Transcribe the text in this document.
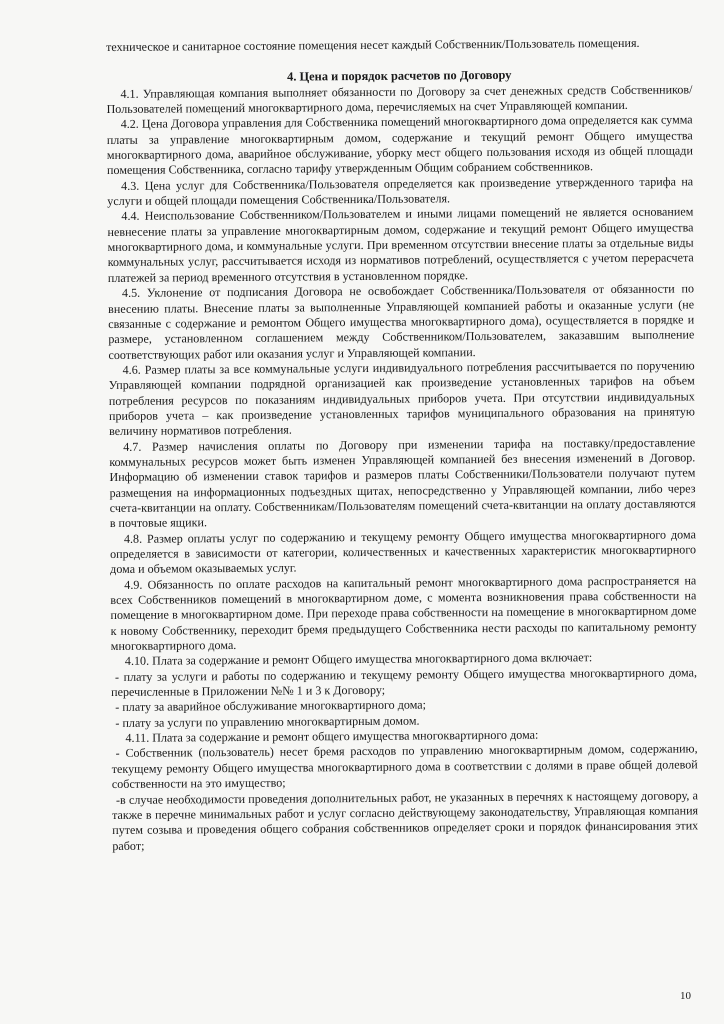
техническое и санитарное состояние помещения несет каждый Собственник/Пользователь помещения.

4. Цена и порядок расчетов по Договору

4.1. Управляющая компания выполняет обязанности по Договору за счет денежных средств Собственников/Пользователей помещений многоквартирного дома, перечисляемых на счет Управляющей компании.

4.2. Цена Договора управления для Собственника помещений многоквартирного дома определяется как сумма платы за управление многоквартирным домом, содержание и текущий ремонт Общего имущества многоквартирного дома, аварийное обслуживание, уборку мест общего пользования исходя из общей площади помещения Собственника, согласно тарифу утвержденным Общим собранием собственников.

4.3. Цена услуг для Собственника/Пользователя определяется как произведение утвержденного тарифа на услуги и общей площади помещения Собственника/Пользователя.

4.4. Неиспользование Собственником/Пользователем и иными лицами помещений не является основанием невнесение платы за управление многоквартирным домом, содержание и текущий ремонт Общего имущества многоквартирного дома, и коммунальные услуги. При временном отсутствии внесение платы за отдельные виды коммунальных услуг, рассчитывается исходя из нормативов потреблений, осуществляется с учетом перерасчета платежей за период временного отсутствия в установленном порядке.

4.5. Уклонение от подписания Договора не освобождает Собственника/Пользователя от обязанности по внесению платы. Внесение платы за выполненные Управляющей компанией работы и оказанные услуги (не связанные с содержание и ремонтом Общего имущества многоквартирного дома), осуществляется в порядке и размере, установленном соглашением между Собственником/Пользователем, заказавшим выполнение соответствующих работ или оказания услуг и Управляющей компании.

4.6. Размер платы за все коммунальные услуги индивидуального потребления рассчитывается по поручению Управляющей компании подрядной организацией как произведение установленных тарифов на объем потребления ресурсов по показаниям индивидуальных приборов учета. При отсутствии индивидуальных приборов учета – как произведение установленных тарифов муниципального образования на принятую величину нормативов потребления.

4.7. Размер начисления оплаты по Договору при изменении тарифа на поставку/предоставление коммунальных ресурсов может быть изменен Управляющей компанией без внесения изменений в Договор. Информацию об изменении ставок тарифов и размеров платы Собственники/Пользователи получают путем размещения на информационных подъездных щитах, непосредственно у Управляющей компании, либо через счета-квитанции на оплату. Собственникам/Пользователям помещений счета-квитанции на оплату доставляются в почтовые ящики.

4.8. Размер оплаты услуг по содержанию и текущему ремонту Общего имущества многоквартирного дома определяется в зависимости от категории, количественных и качественных характеристик многоквартирного дома и объемом оказываемых услуг.

4.9. Обязанность по оплате расходов на капитальный ремонт многоквартирного дома распространяется на всех Собственников помещений в многоквартирном доме, с момента возникновения права собственности на помещение в многоквартирном доме. При переходе права собственности на помещение в многоквартирном доме к новому Собственнику, переходит бремя предыдущего Собственника нести расходы по капитальному ремонту многоквартирного дома.

4.10. Плата за содержание и ремонт Общего имущества многоквартирного дома включает:

- плату за услуги и работы по содержанию и текущему ремонту Общего имущества многоквартирного дома, перечисленные в Приложении №№ 1 и 3 к Договору;

- плату за аварийное обслуживание многоквартирного дома;

- плату за услуги по управлению многоквартирным домом.

4.11. Плата за содержание и ремонт общего имущества многоквартирного дома:

- Собственник (пользователь) несет бремя расходов по управлению многоквартирным домом, содержанию, текущему ремонту Общего имущества многоквартирного дома в соответствии с долями в праве общей долевой собственности на это имущество;

-в случае необходимости проведения дополнительных работ, не указанных в перечнях к настоящему договору, а также в перечне минимальных работ и услуг согласно действующему законодательству, Управляющая компания путем созыва и проведения общего собрания собственников определяет сроки и порядок финансирования этих работ;

10
